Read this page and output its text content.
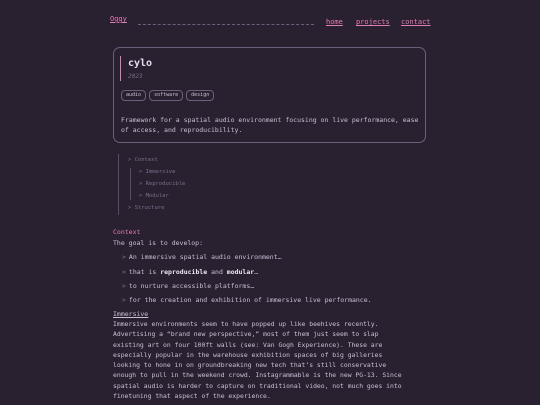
Oggy	home projects contact
cylo
2023
audio	software	design
Framework for a spatial audio environment focusing on live performance, ease of access, and reproducibility.
> Context
> Immersive
> Reproducible
> Modular
> Structure
Context
The goal is to develop:
> An immersive spatial audio environment…
> that is reproducible and modular…
> to nurture accessible platforms…
> for the creation and exhibition of immersive live performance.
Immersive
Immersive environments seem to have popped up like beehives recently. Advertising a “brand new perspective,” most of them just seem to slap existing art on four 100ft walls (see: Van Gogh Experience). These are especially popular in the warehouse exhibition spaces of big galleries looking to hone in on groundbreaking new tech that’s still conservative enough to pull in the weekend crowd. Instagrammable is the new PG-13. Since spatial audio is harder to capture on traditional video, not much goes into finetuning that aspect of the experience.
